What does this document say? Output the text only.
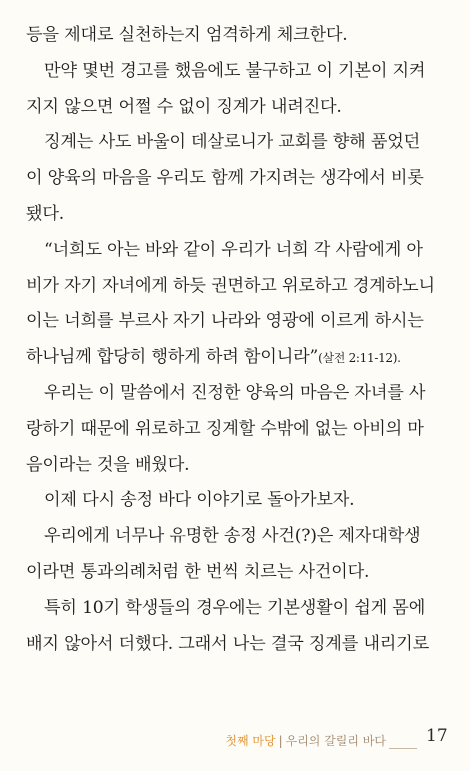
등을 제대로 실천하는지 엄격하게 체크한다.
만약 몇번 경고를 했음에도 불구하고 이 기본이 지켜
지지 않으면 어쩔 수 없이 징계가 내려진다.
징계는 사도 바울이 데살로니가 교회를 향해 품었던
이 양육의 마음을 우리도 함께 가지려는 생각에서 비롯
됐다.
“너희도 아는 바와 같이 우리가 너희 각 사람에게 아
비가 자기 자녀에게 하듯 권면하고 위로하고 경계하노니
이는 너희를 부르사 자기 나라와 영광에 이르게 하시는
하나님께 합당히 행하게 하려 함이니라”(살전 2:11-12).
우리는 이 말씀에서 진정한 양육의 마음은 자녀를 사
랑하기 때문에 위로하고 징계할 수밖에 없는 아비의 마
음이라는 것을 배웠다.
이제 다시 송정 바다 이야기로 돌아가보자.
우리에게 너무나 유명한 송정 사건(?)은 제자대학생
이라면 통과의례처럼 한 번씩 치르는 사건이다.
특히 10기 학생들의 경우에는 기본생활이 쉽게 몸에
배지 않아서 더했다. 그래서 나는 결국 징계를 내리기로
첫째 마당 | 우리의 갈릴리 바다 17
